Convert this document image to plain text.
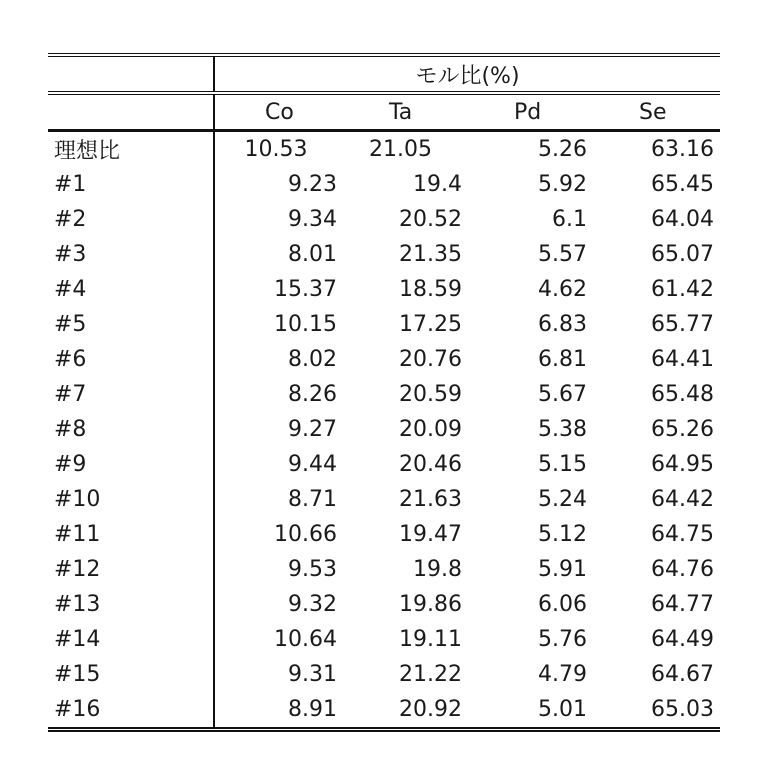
	モル比(%)			
	Co	Ta	Pd	Se
理想比	10.53	21.05	5.26	63.16
#1	9.23	19.4	5.92	65.45
#2	9.34	20.52	6.1	64.04
#3	8.01	21.35	5.57	65.07
#4	15.37	18.59	4.62	61.42
#5	10.15	17.25	6.83	65.77
#6	8.02	20.76	6.81	64.41
#7	8.26	20.59	5.67	65.48
#8	9.27	20.09	5.38	65.26
#9	9.44	20.46	5.15	64.95
#10	8.71	21.63	5.24	64.42
#11	10.66	19.47	5.12	64.75
#12	9.53	19.8	5.91	64.76
#13	9.32	19.86	6.06	64.77
#14	10.64	19.11	5.76	64.49
#15	9.31	21.22	4.79	64.67
#16	8.91	20.92	5.01	65.03
